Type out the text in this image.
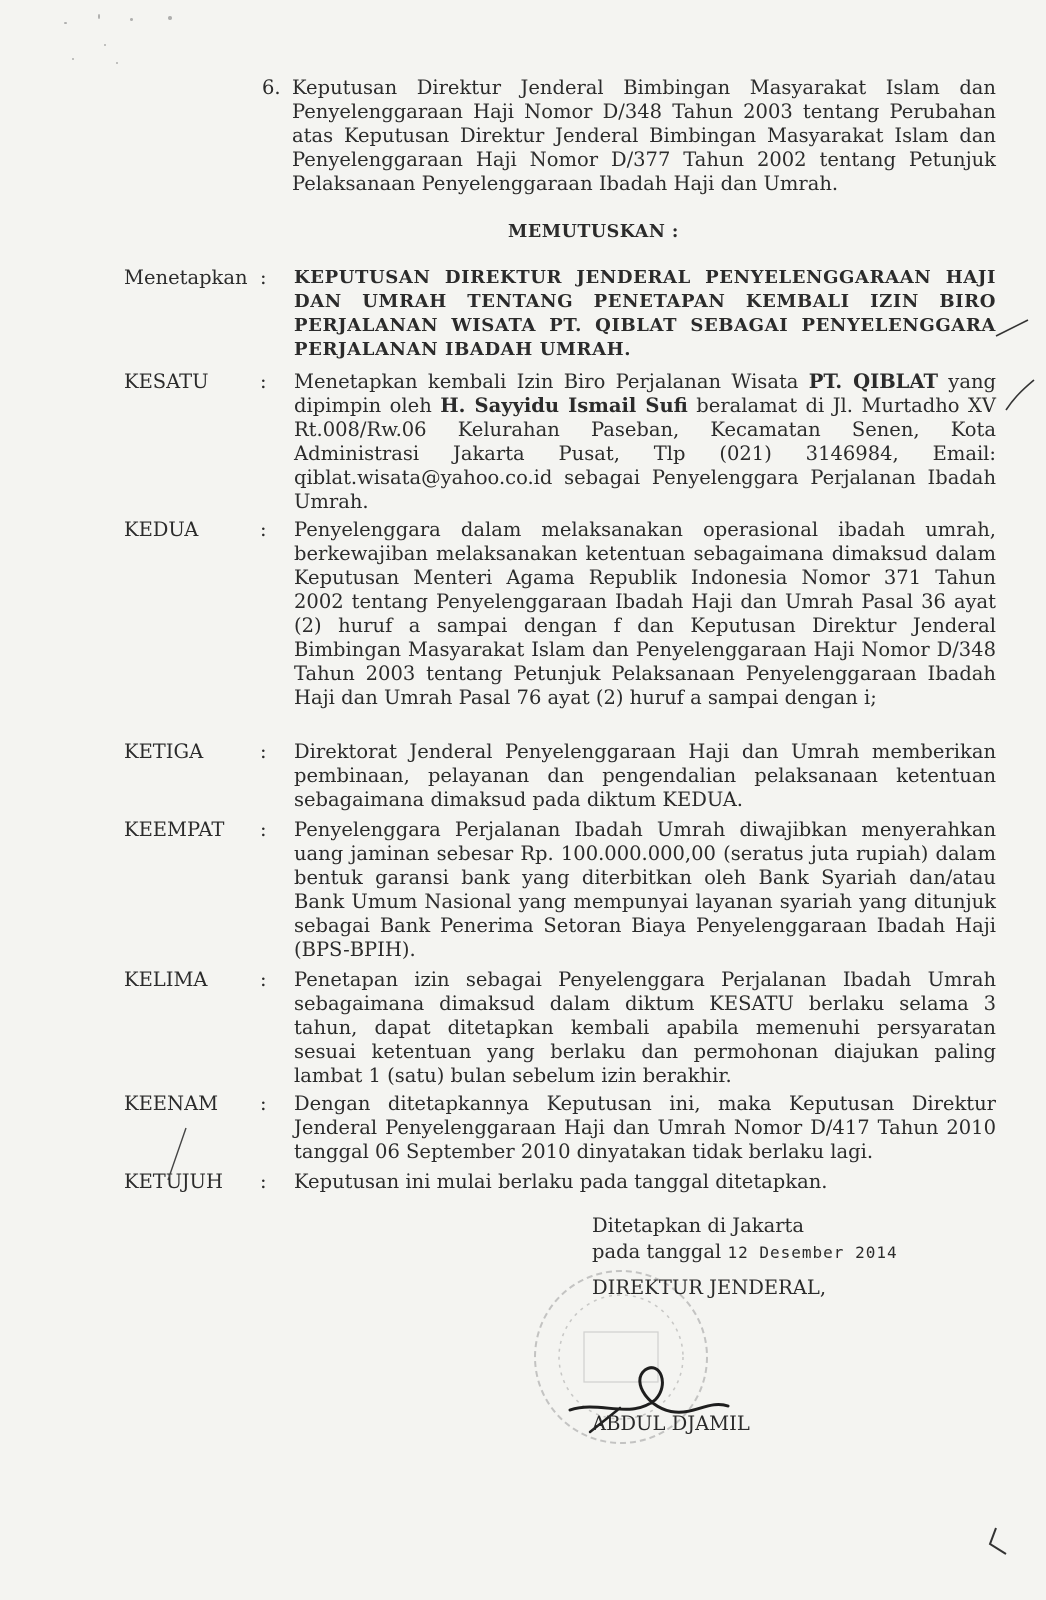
6. Keputusan Direktur Jenderal Bimbingan Masyarakat Islam dan Penyelenggaraan Haji Nomor D/348 Tahun 2003 tentang Perubahan atas Keputusan Direktur Jenderal Bimbingan Masyarakat Islam dan Penyelenggaraan Haji Nomor D/377 Tahun 2002 tentang Petunjuk Pelaksanaan Penyelenggaraan Ibadah Haji dan Umrah.
MEMUTUSKAN :
Menetapkan : KEPUTUSAN DIREKTUR JENDERAL PENYELENGGARAAN HAJI DAN UMRAH TENTANG PENETAPAN KEMBALI IZIN BIRO PERJALANAN WISATA PT. QIBLAT SEBAGAI PENYELENGGARA PERJALANAN IBADAH UMRAH.
KESATU	: Menetapkan kembali Izin Biro Perjalanan Wisata PT. QIBLAT yang dipimpin oleh H. Sayyidu Ismail Sufi beralamat di Jl. Murtadho XV Rt.008/Rw.06 Kelurahan Paseban, Kecamatan Senen, Kota Administrasi Jakarta Pusat, Tlp (021) 3146984, Email: qiblat.wisata@yahoo.co.id sebagai Penyelenggara Perjalanan Ibadah Umrah.
KEDUA	: Penyelenggara dalam melaksanakan operasional ibadah umrah, berkewajiban melaksanakan ketentuan sebagaimana dimaksud dalam Keputusan Menteri Agama Republik Indonesia Nomor 371 Tahun 2002 tentang Penyelenggaraan Ibadah Haji dan Umrah Pasal 36 ayat (2) huruf a sampai dengan f dan Keputusan Direktur Jenderal Bimbingan Masyarakat Islam dan Penyelenggaraan Haji Nomor D/348 Tahun 2003 tentang Petunjuk Pelaksanaan Penyelenggaraan Ibadah Haji dan Umrah Pasal 76 ayat (2) huruf a sampai dengan i;
KETIGA	: Direktorat Jenderal Penyelenggaraan Haji dan Umrah memberikan pembinaan, pelayanan dan pengendalian pelaksanaan ketentuan sebagaimana dimaksud pada diktum KEDUA.
KEEMPAT : Penyelenggara Perjalanan Ibadah Umrah diwajibkan menyerahkan uang jaminan sebesar Rp. 100.000.000,00 (seratus juta rupiah) dalam bentuk garansi bank yang diterbitkan oleh Bank Syariah dan/atau Bank Umum Nasional yang mempunyai layanan syariah yang ditunjuk sebagai Bank Penerima Setoran Biaya Penyelenggaraan Ibadah Haji (BPS-BPIH).
KELIMA	: Penetapan izin sebagai Penyelenggara Perjalanan Ibadah Umrah sebagaimana dimaksud dalam diktum KESATU berlaku selama 3 tahun, dapat ditetapkan kembali apabila memenuhi persyaratan sesuai ketentuan yang berlaku dan permohonan diajukan paling lambat 1 (satu) bulan sebelum izin berakhir.
KEENAM : Dengan ditetapkannya Keputusan ini, maka Keputusan Direktur Jenderal Penyelenggaraan Haji dan Umrah Nomor D/417 Tahun 2010 tanggal 06 September 2010 dinyatakan tidak berlaku lagi.
KETUJUH : Keputusan ini mulai berlaku pada tanggal ditetapkan.
Ditetapkan di Jakarta
pada tanggal 12 Desember 2014
DIREKTUR JENDERAL,
ABDUL DJAMIL
